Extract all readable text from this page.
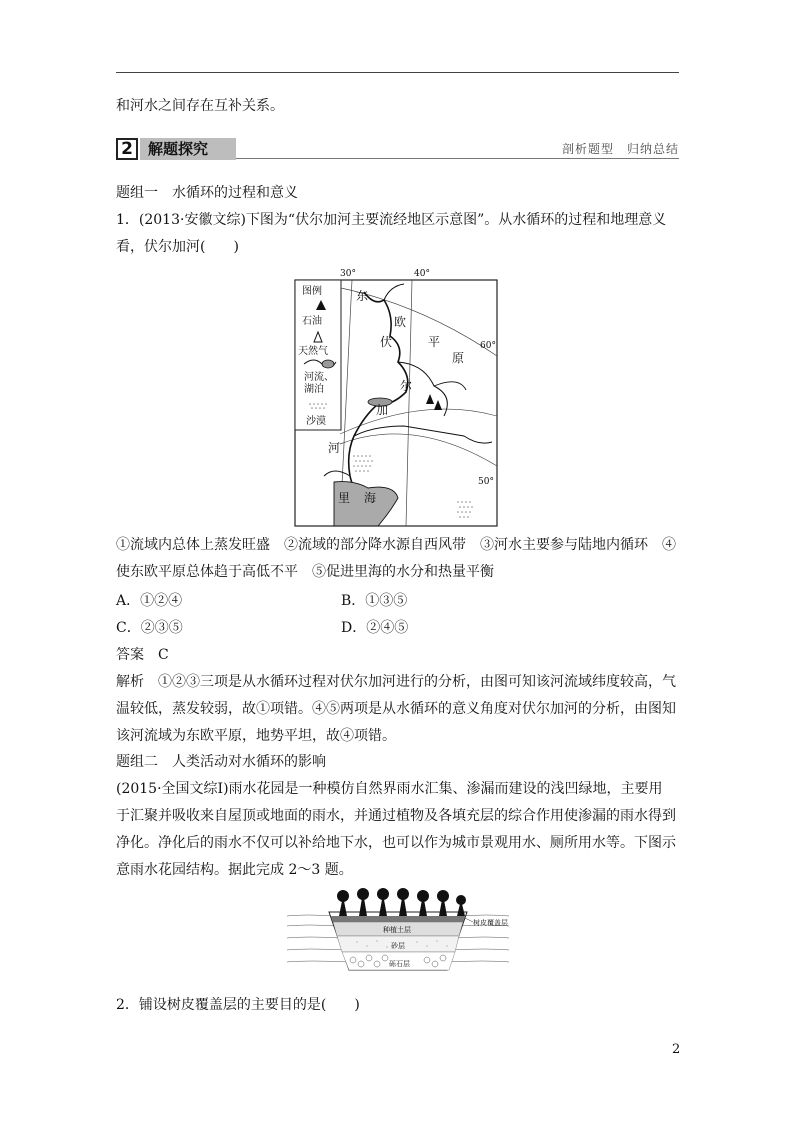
和河水之间存在互补关系。
2	解题探究	剖析题型　归纳总结
题组一　水循环的过程和意义
1．(2013·安徽文综)下图为“伏尔加河主要流经地区示意图”。从水循环的过程和地理意义
看，伏尔加河(　　)
图例
石油
天然气
河流、
湖泊
沙漠
30°	40°
60°
50°
东
欧
伏	平
原
尔
加
河
里 海
①流域内总体上蒸发旺盛　②流域的部分降水源自西风带　③河水主要参与陆地内循环　④
使东欧平原总体趋于高低不平　⑤促进里海的水分和热量平衡
A．①②④	B．①③⑤
C．②③⑤	D．②④⑤
答案　C
解析　①②③三项是从水循环过程对伏尔加河进行的分析，由图可知该河流域纬度较高，气
温较低，蒸发较弱，故①项错。④⑤两项是从水循环的意义角度对伏尔加河的分析，由图知
该河流域为东欧平原，地势平坦，故④项错。
题组二　人类活动对水循环的影响
(2015·全国文综Ⅰ)雨水花园是一种模仿自然界雨水汇集、渗漏而建设的浅凹绿地，主要用
于汇聚并吸收来自屋顶或地面的雨水，并通过植物及各填充层的综合作用使渗漏的雨水得到
净化。净化后的雨水不仅可以补给地下水，也可以作为城市景观用水、厕所用水等。下图示
意雨水花园结构。据此完成 2～3 题。
树皮覆盖层
种植土层
砂层
砾石层
2．铺设树皮覆盖层的主要目的是(　　)
2
